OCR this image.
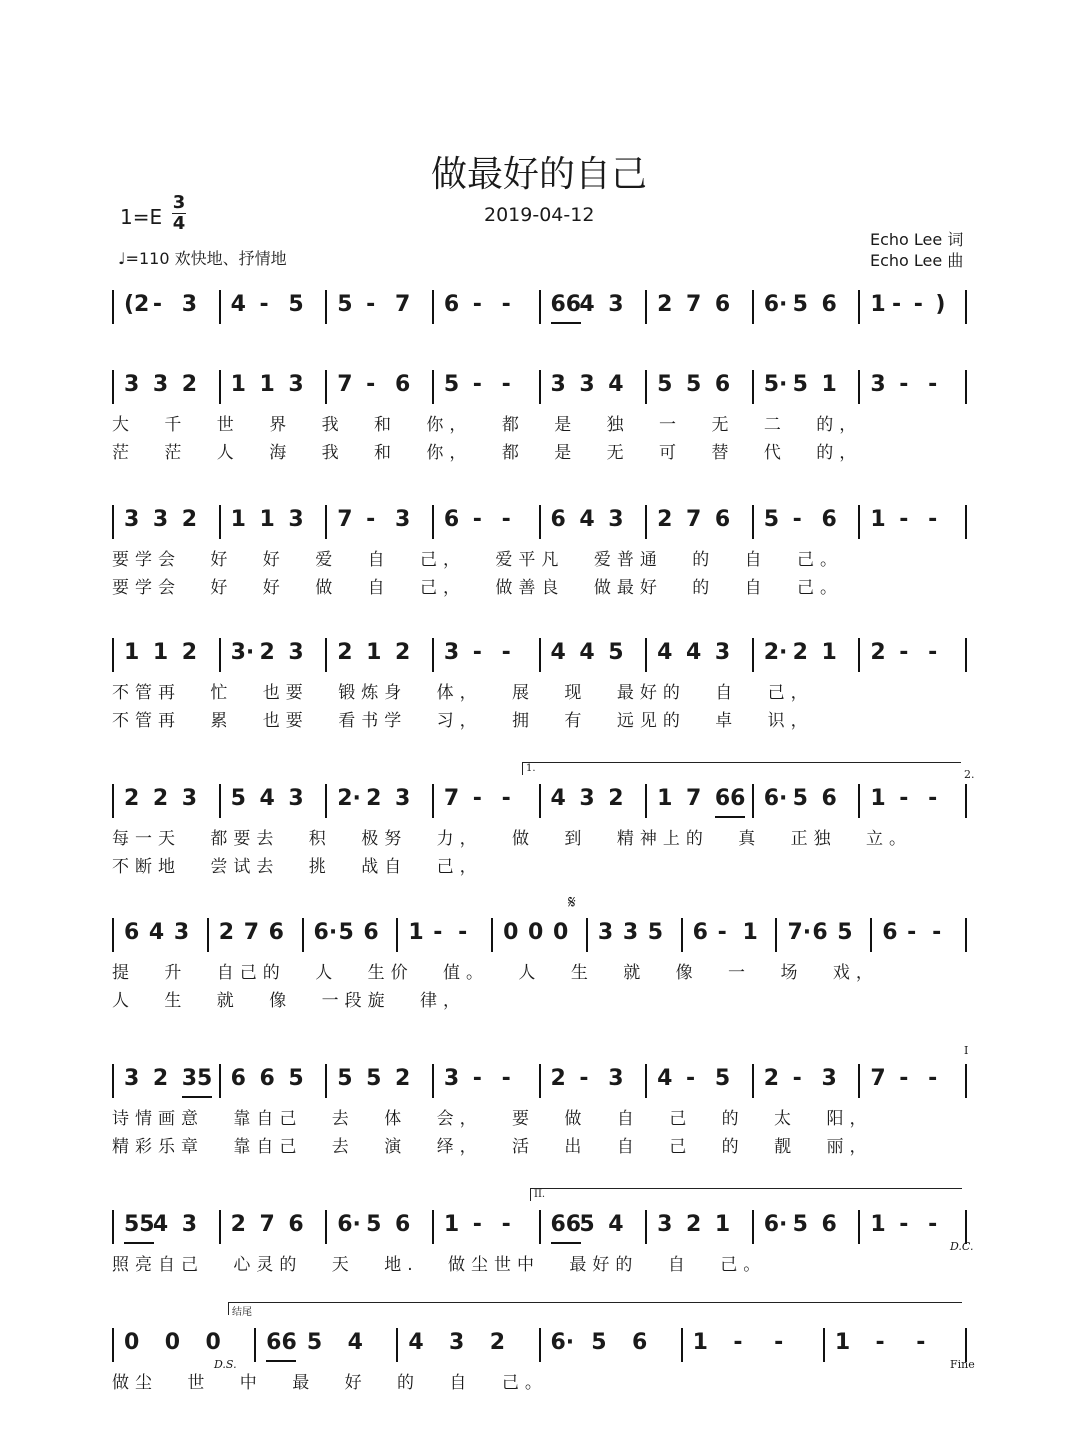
做最好的自己
1=E
3
4	2019-04-12
Echo Lee 词
Echo Lee 曲
♩=110 欢快地、抒情地
(2 - 3 4 - 5 5 - 7 6 - - 66
4 3 2 7 6 6· 5 6 1 - - )
3 3 2 1 1 3 7 - 6 5 - - 3 3 4 5 5 6 5· 5 1 3 - -
大 千 世 界 我 和 你， 都 是 独 一 无 二 的，
茫 茫 人 海 我 和 你， 都 是 无 可 替 代 的，
3 3 2 1 1 3 7 - 3 6 - - 6 4 3 2 7 6 5 - 6 1 - -
要学会 好 好 爱 自 己， 爱平凡 爱普通 的 自 己。
要学会 好 好 做 自 己， 做善良 做最好 的 自 己。
1 1 2 3· 2 3 2 1 2 3 - - 4 4 5 4 4 3 2· 2 1 2 - -
不管再 忙 也要 锻炼身 体， 展 现 最好的 自 己，
不管再 累 也要 看书学 习， 拥 有 远见的 卓 识，
2 2 3 5 4 3 2· 2 3 7 - - 4 3 2 1 7 66 6· 5 6 1 - -
每一天 都要去 积 极努 力， 做 到 精神上的 真 正独 立。
不断地 尝试去 挑 战自 己，
1.	2.
6 4 3 2 7 6 6· 5 6 1 - - 0 0 0 3 3 5 6 - 1 7· 6 5 6 - -
提 升 自己的 人 生价 值。 人 生 就 像 一 场 戏，
人 生 就 像 一段旋 律，
𝄋
3 2 35 6 6 5 5 5 2 3 - - 2 - 3 4 - 5 2 - 3 7 - -
诗情画意 靠自己 去 体 会， 要 做 自 己 的 太 阳，
精彩乐章 靠自己 去 演 绎， 活 出 自 己 的 靓 丽，
I
55
4 3 2 7 6 6· 5 6 1 - - 66
5 4 3 2 1 6· 5 6 1 - -
照亮自己 心灵的 天 地. 做尘世中 最好的 自 己。
II.
D.C.
0 0 0 66 5 4 4 3 2 6· 5 6 1 - - 1 - -
做尘 世 中 最 好 的 自 己。
结尾
D.S.	Fine
